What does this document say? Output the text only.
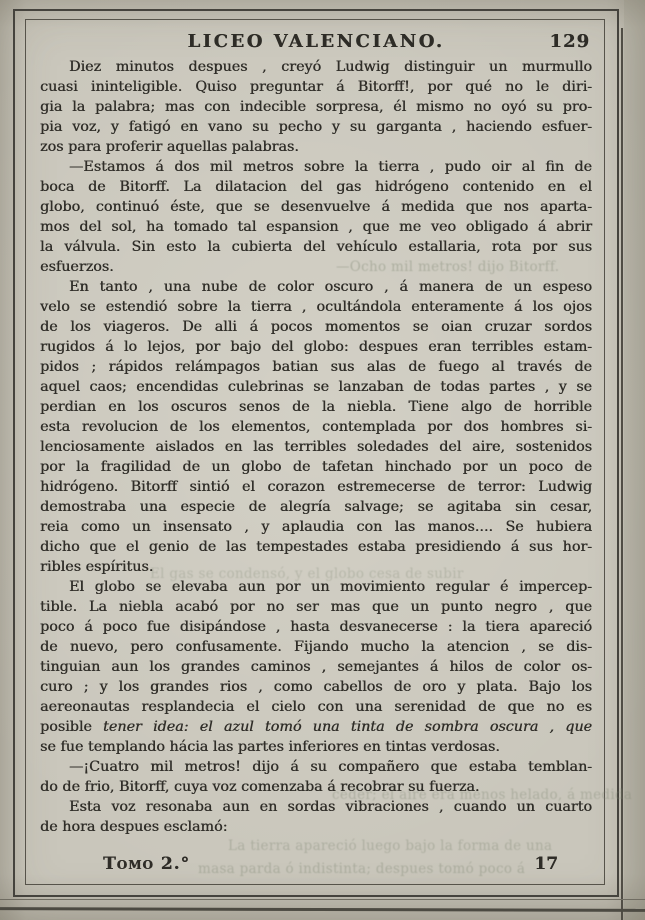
—Ocho mil metros! dijo Bitorff.
El gas se condensó, y el globo cesa de subir
ceder; el aire era menos helado, á medida
La tierra apareció luego bajo la forma de una
masa parda ó indistinta; despues tomó poco á
LICEO VALENCIANO.	129
Diez minutos despues , creyó Ludwig distinguir un murmullo
cuasi ininteligible. Quiso preguntar á Bitorff!, por qué no le diri-
gia la palabra; mas con indecible sorpresa, él mismo no oyó su pro-
pia voz, y fatigó en vano su pecho y su garganta , haciendo esfuer-
zos para proferir aquellas palabras.
—Estamos á dos mil metros sobre la tierra , pudo oir al fin de
boca de Bitorff. La dilatacion del gas hidrógeno contenido en el
globo, continuó éste, que se desenvuelve á medida que nos aparta-
mos del sol, ha tomado tal espansion , que me veo obligado á abrir
la válvula. Sin esto la cubierta del vehículo estallaria, rota por sus
esfuerzos.
En tanto , una nube de color oscuro , á manera de un espeso
velo se estendió sobre la tierra , ocultándola enteramente á los ojos
de los viageros. De alli á pocos momentos se oian cruzar sordos
rugidos á lo lejos, por bajo del globo: despues eran terribles estam-
pidos ; rápidos relámpagos batian sus alas de fuego al través de
aquel caos; encendidas culebrinas se lanzaban de todas partes , y se
perdian en los oscuros senos de la niebla. Tiene algo de horrible
esta revolucion de los elementos, contemplada por dos hombres si-
lenciosamente aislados en las terribles soledades del aire, sostenidos
por la fragilidad de un globo de tafetan hinchado por un poco de
hidrógeno. Bitorff sintió el corazon estremecerse de terror: Ludwig
demostraba una especie de alegría salvage; se agitaba sin cesar,
reia como un insensato , y aplaudia con las manos.... Se hubiera
dicho que el genio de las tempestades estaba presidiendo á sus hor-
ribles espíritus.
El globo se elevaba aun por un movimiento regular é impercep-
tible. La niebla acabó por no ser mas que un punto negro , que
poco á poco fue disipándose , hasta desvanecerse : la tiera apareció
de nuevo, pero confusamente. Fijando mucho la atencion , se dis-
tinguian aun los grandes caminos , semejantes á hilos de color os-
curo ; y los grandes rios , como cabellos de oro y plata. Bajo los
aereonautas resplandecia el cielo con una serenidad de que no es
posible tener idea: el azul tomó una tinta de sombra oscura , que
se fue templando hácia las partes inferiores en tintas verdosas.
—¡Cuatro mil metros! dijo á su compañero que estaba temblan-
do de frio, Bitorff, cuya voz comenzaba á recobrar su fuerza.
Esta voz resonaba aun en sordas vibraciones , cuando un cuarto
de hora despues esclamó:
Tomo 2.°	17
